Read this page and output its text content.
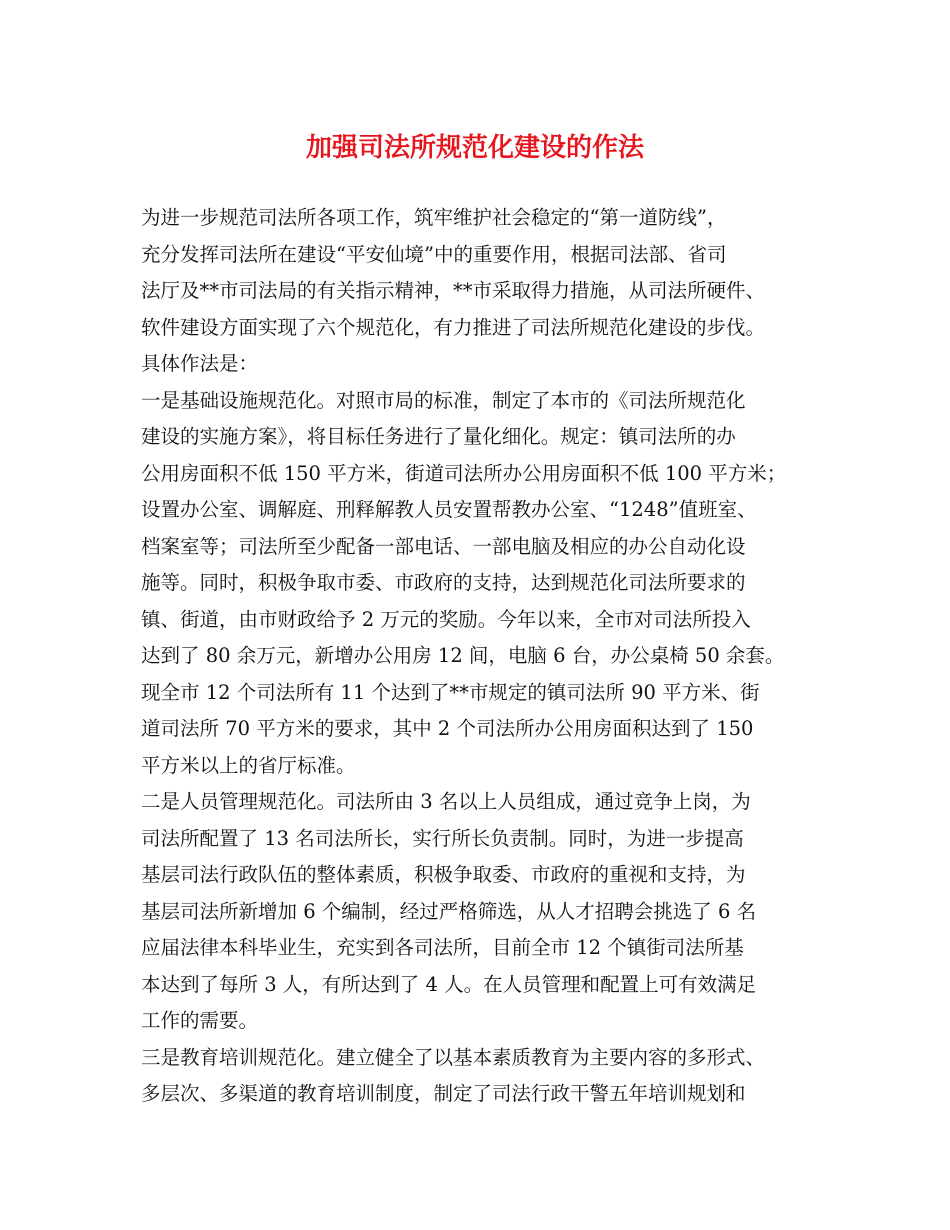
加强司法所规范化建设的作法
为进一步规范司法所各项工作，筑牢维护社会稳定的“第一道防线”，
充分发挥司法所在建设“平安仙境”中的重要作用，根据司法部、省司
法厅及**市司法局的有关指示精神，**市采取得力措施，从司法所硬件、
软件建设方面实现了六个规范化，有力推进了司法所规范化建设的步伐。
具体作法是：
一是基础设施规范化。对照市局的标准，制定了本市的《司法所规范化
建设的实施方案》，将目标任务进行了量化细化。规定：镇司法所的办
公用房面积不低 150 平方米，街道司法所办公用房面积不低 100 平方米；
设置办公室、调解庭、刑释解教人员安置帮教办公室、“1248”值班室、
档案室等；司法所至少配备一部电话、一部电脑及相应的办公自动化设
施等。同时，积极争取市委、市政府的支持，达到规范化司法所要求的
镇、街道，由市财政给予 2 万元的奖励。今年以来，全市对司法所投入
达到了 80 余万元，新增办公用房 12 间，电脑 6 台，办公桌椅 50 余套。
现全市 12 个司法所有 11 个达到了**市规定的镇司法所 90 平方米、街
道司法所 70 平方米的要求，其中 2 个司法所办公用房面积达到了 150
平方米以上的省厅标准。
二是人员管理规范化。司法所由 3 名以上人员组成，通过竞争上岗，为
司法所配置了 13 名司法所长，实行所长负责制。同时，为进一步提高
基层司法行政队伍的整体素质，积极争取委、市政府的重视和支持，为
基层司法所新增加 6 个编制，经过严格筛选，从人才招聘会挑选了 6 名
应届法律本科毕业生，充实到各司法所，目前全市 12 个镇街司法所基
本达到了每所 3 人，有所达到了 4 人。在人员管理和配置上可有效满足
工作的需要。
三是教育培训规范化。建立健全了以基本素质教育为主要内容的多形式、
多层次、多渠道的教育培训制度，制定了司法行政干警五年培训规划和
